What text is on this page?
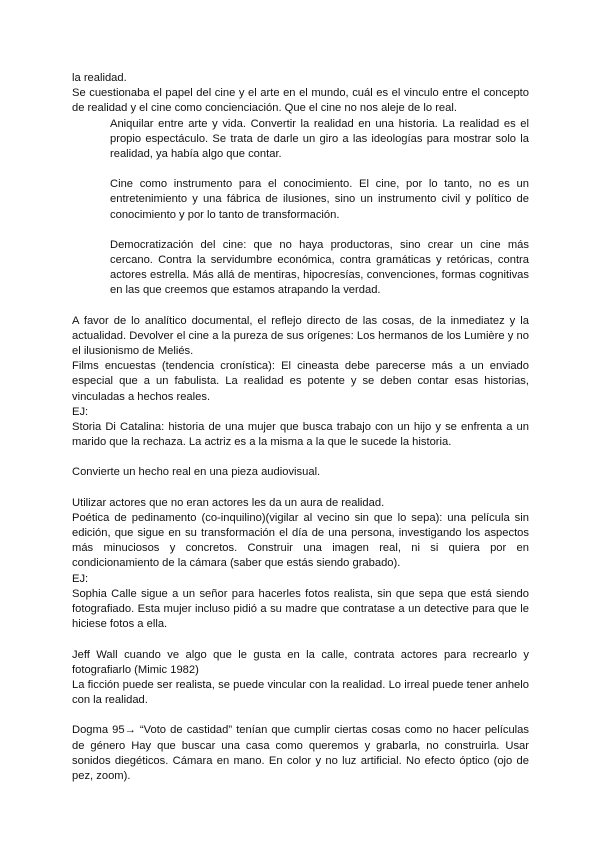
la realidad.

Se cuestionaba el papel del cine y el arte en el mundo, cuál es el vinculo entre el concepto de realidad y el cine como concienciación. Que el cine no nos aleje de lo real.

Aniquilar entre arte y vida. Convertir la realidad en una historia. La realidad es el propio espectáculo. Se trata de darle un giro a las ideologías para mostrar solo la realidad, ya había algo que contar.

Cine como instrumento para el conocimiento. El cine, por lo tanto, no es un entretenimiento y una fábrica de ilusiones, sino un instrumento civil y político de conocimiento y por lo tanto de transformación.

Democratización del cine: que no haya productoras, sino crear un cine más cercano. Contra la servidumbre económica, contra gramáticas y retóricas, contra actores estrella. Más allá de mentiras, hipocresías, convenciones, formas cognitivas en las que creemos que estamos atrapando la verdad.

A favor de lo analítico documental, el reflejo directo de las cosas, de la inmediatez y la actualidad. Devolver el cine a la pureza de sus orígenes: Los hermanos de los Lumière y no el ilusionismo de Meliés.

Films encuestas (tendencia cronística): El cineasta debe parecerse más a un enviado especial que a un fabulista. La realidad es potente y se deben contar esas historias, vinculadas a hechos reales.

EJ:

Storia Di Catalina: historia de una mujer que busca trabajo con un hijo y se enfrenta a un marido que la rechaza. La actriz es a la misma a la que le sucede la historia.

Convierte un hecho real en una pieza audiovisual.

Utilizar actores que no eran actores les da un aura de realidad.

Poética de pedinamento (co-inquilino)(vigilar al vecino sin que lo sepa): una película sin edición, que sigue en su transformación el día de una persona, investigando los aspectos más minuciosos y concretos. Construir una imagen real, ni si quiera por en condicionamiento de la cámara (saber que estás siendo grabado).

EJ:

Sophia Calle sigue a un señor para hacerles fotos realista, sin que sepa que está siendo fotografiado. Esta mujer incluso pidió a su madre que contratase a un detective para que le hiciese fotos a ella.

Jeff Wall cuando ve algo que le gusta en la calle, contrata actores para recrearlo y fotografiarlo (Mimic 1982)

La ficción puede ser realista, se puede vincular con la realidad. Lo irreal puede tener anhelo con la realidad.

Dogma 95→ “Voto de castidad” tenían que cumplir ciertas cosas como no hacer películas de género Hay que buscar una casa como queremos y grabarla, no construirla. Usar sonidos diegéticos. Cámara en mano. En color y no luz artificial. No efecto óptico (ojo de pez, zoom).
